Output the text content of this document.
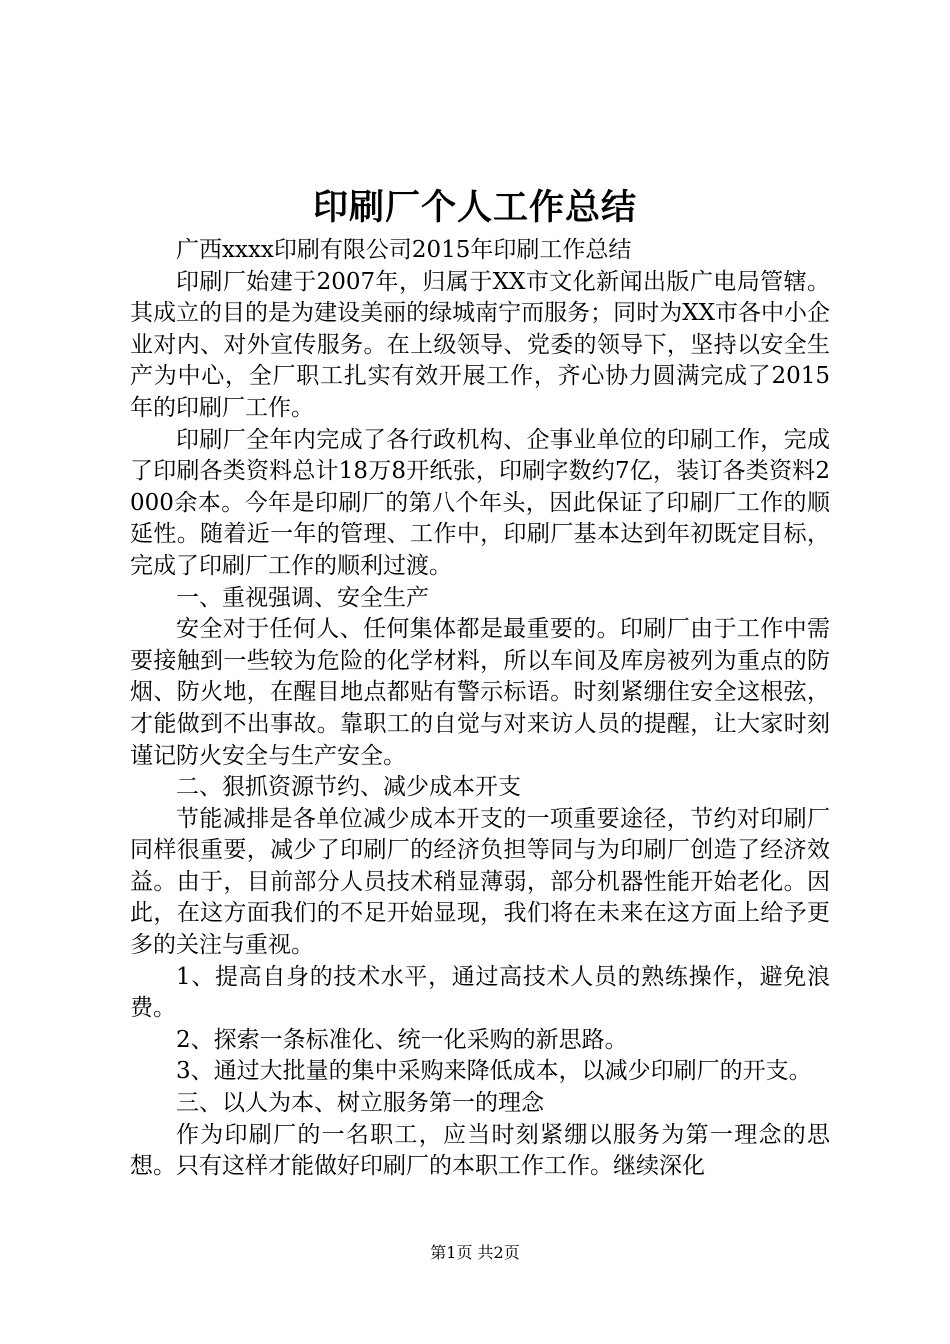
印刷厂个人工作总结

广西xxxx印刷有限公司2015年印刷工作总结

印刷厂始建于2007年，归属于XX市文化新闻出版广电局管辖。其成立的目的是为建设美丽的绿城南宁而服务；同时为XX市各中小企业对内、对外宣传服务。在上级领导、党委的领导下，坚持以安全生产为中心，全厂职工扎实有效开展工作，齐心协力圆满完成了2015年的印刷厂工作。

印刷厂全年内完成了各行政机构、企事业单位的印刷工作，完成了印刷各类资料总计18万8开纸张，印刷字数约7亿，装订各类资料2000余本。今年是印刷厂的第八个年头，因此保证了印刷厂工作的顺延性。随着近一年的管理、工作中，印刷厂基本达到年初既定目标，完成了印刷厂工作的顺利过渡。

一、重视强调、安全生产

安全对于任何人、任何集体都是最重要的。印刷厂由于工作中需要接触到一些较为危险的化学材料，所以车间及库房被列为重点的防烟、防火地，在醒目地点都贴有警示标语。时刻紧绷住安全这根弦，才能做到不出事故。靠职工的自觉与对来访人员的提醒，让大家时刻谨记防火安全与生产安全。

二、狠抓资源节约、减少成本开支

节能减排是各单位减少成本开支的一项重要途径，节约对印刷厂同样很重要，减少了印刷厂的经济负担等同与为印刷厂创造了经济效益。由于，目前部分人员技术稍显薄弱，部分机器性能开始老化。因此，在这方面我们的不足开始显现，我们将在未来在这方面上给予更多的关注与重视。

1、提高自身的技术水平，通过高技术人员的熟练操作，避免浪费。

2、探索一条标准化、统一化采购的新思路。

3、通过大批量的集中采购来降低成本，以减少印刷厂的开支。

三、以人为本、树立服务第一的理念

作为印刷厂的一名职工，应当时刻紧绷以服务为第一理念的思想。只有这样才能做好印刷厂的本职工作工作。继续深化

第1页 共2页
